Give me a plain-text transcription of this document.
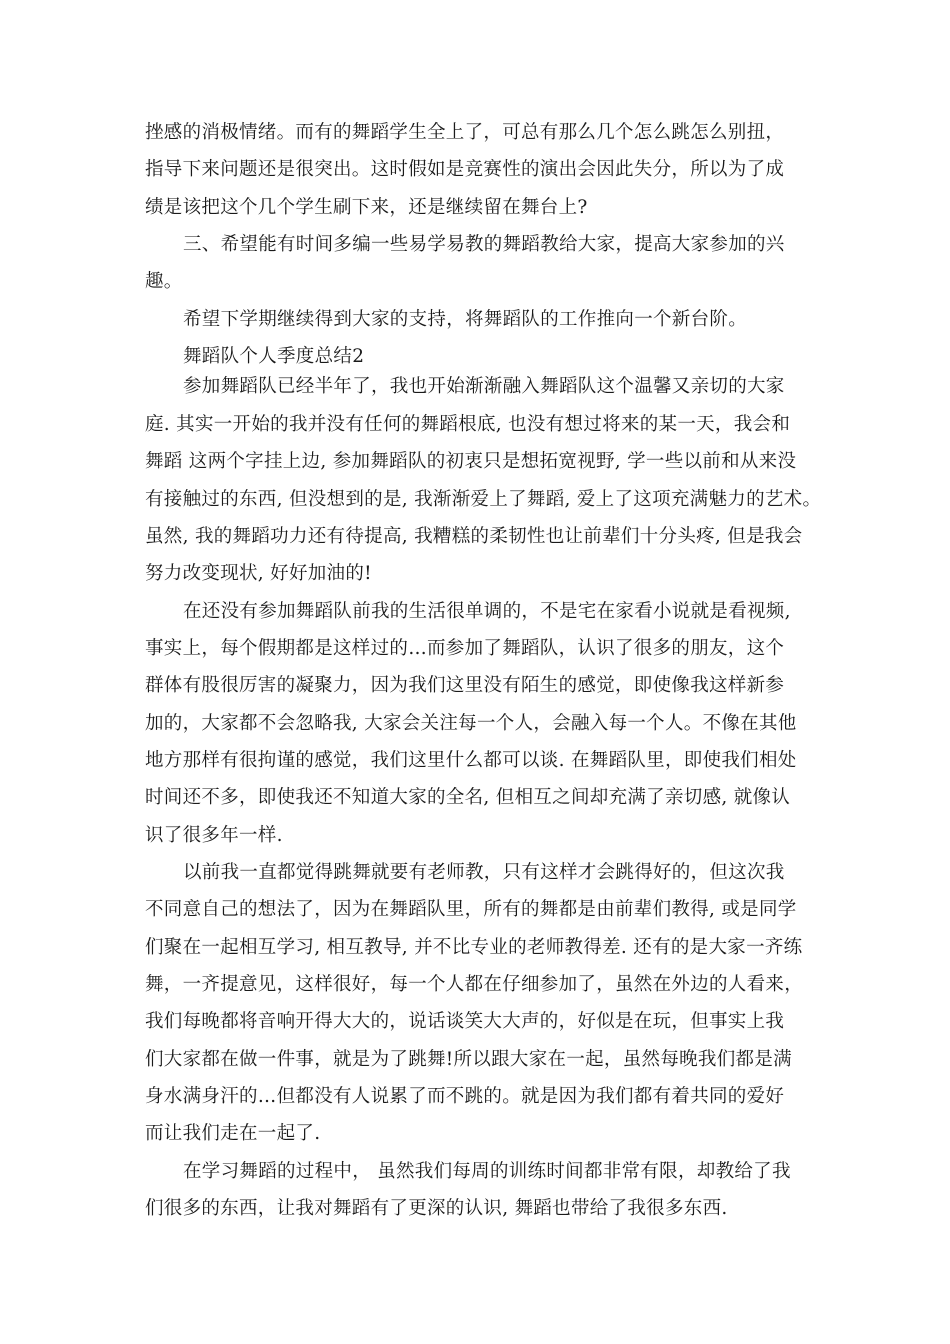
挫感的消极情绪。而有的舞蹈学生全上了，可总有那么几个怎么跳怎么别扭，
指导下来问题还是很突出。这时假如是竞赛性的演出会因此失分，所以为了成
绩是该把这个几个学生刷下来，还是继续留在舞台上?
三、希望能有时间多编一些易学易教的舞蹈教给大家，提高大家参加的兴
趣。
希望下学期继续得到大家的支持，将舞蹈队的工作推向一个新台阶。
舞蹈队个人季度总结2
参加舞蹈队已经半年了，我也开始渐渐融入舞蹈队这个温馨又亲切的大家
庭. 其实一开始的我并没有任何的舞蹈根底, 也没有想过将来的某一天，我会和
舞蹈 这两个字挂上边, 参加舞蹈队的初衷只是想拓宽视野, 学一些以前和从来没
有接触过的东西, 但没想到的是, 我渐渐爱上了舞蹈, 爱上了这项充满魅力的艺术。
虽然, 我的舞蹈功力还有待提高, 我糟糕的柔韧性也让前辈们十分头疼, 但是我会
努力改变现状, 好好加油的!
在还没有参加舞蹈队前我的生活很单调的，不是宅在家看小说就是看视频,
事实上，每个假期都是这样过的…而参加了舞蹈队，认识了很多的朋友，这个
群体有股很厉害的凝聚力，因为我们这里没有陌生的感觉，即使像我这样新参
加的，大家都不会忽略我, 大家会关注每一个人，会融入每一个人。不像在其他
地方那样有很拘谨的感觉，我们这里什么都可以谈. 在舞蹈队里，即使我们相处
时间还不多，即使我还不知道大家的全名, 但相互之间却充满了亲切感, 就像认
识了很多年一样.
以前我一直都觉得跳舞就要有老师教，只有这样才会跳得好的，但这次我
不同意自己的想法了，因为在舞蹈队里，所有的舞都是由前辈们教得, 或是同学
们聚在一起相互学习, 相互教导, 并不比专业的老师教得差. 还有的是大家一齐练
舞，一齐提意见，这样很好，每一个人都在仔细参加了，虽然在外边的人看来，
我们每晚都将音响开得大大的，说话谈笑大大声的，好似是在玩，但事实上我
们大家都在做一件事，就是为了跳舞!所以跟大家在一起，虽然每晚我们都是满
身水满身汗的…但都没有人说累了而不跳的。就是因为我们都有着共同的爱好
而让我们走在一起了.
在学习舞蹈的过程中， 虽然我们每周的训练时间都非常有限，却教给了我
们很多的东西，让我对舞蹈有了更深的认识, 舞蹈也带给了我很多东西.
